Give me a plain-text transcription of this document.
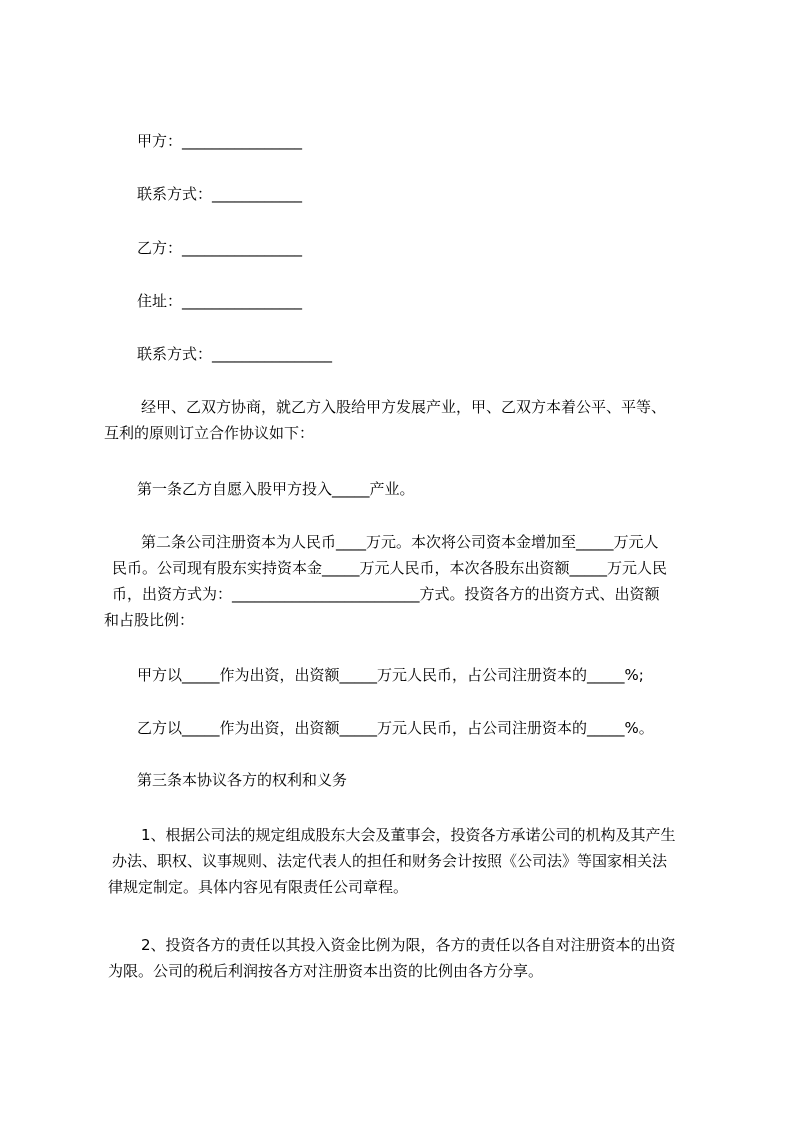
甲方：________________
联系方式：____________
乙方：________________
住址：________________
联系方式：________________
经甲、乙双方协商，就乙方入股给甲方发展产业，甲、乙双方本着公平、平等、
互利的原则订立合作协议如下：
第一条乙方自愿入股甲方投入_____产业。
第二条公司注册资本为人民币____万元。本次将公司资本金增加至_____万元人
民币。公司现有股东实持资本金_____万元人民币，本次各股东出资额_____万元人民
币，出资方式为：_________________________方式。投资各方的出资方式、出资额
和占股比例：
甲方以_____作为出资，出资额_____万元人民币，占公司注册资本的_____%;
乙方以_____作为出资，出资额_____万元人民币，占公司注册资本的_____%。
第三条本协议各方的权利和义务
1、根据公司法的规定组成股东大会及董事会，投资各方承诺公司的机构及其产生
办法、职权、议事规则、法定代表人的担任和财务会计按照《公司法》等国家相关法
律规定制定。具体内容见有限责任公司章程。
2、投资各方的责任以其投入资金比例为限，各方的责任以各自对注册资本的出资
为限。公司的税后利润按各方对注册资本出资的比例由各方分享。
